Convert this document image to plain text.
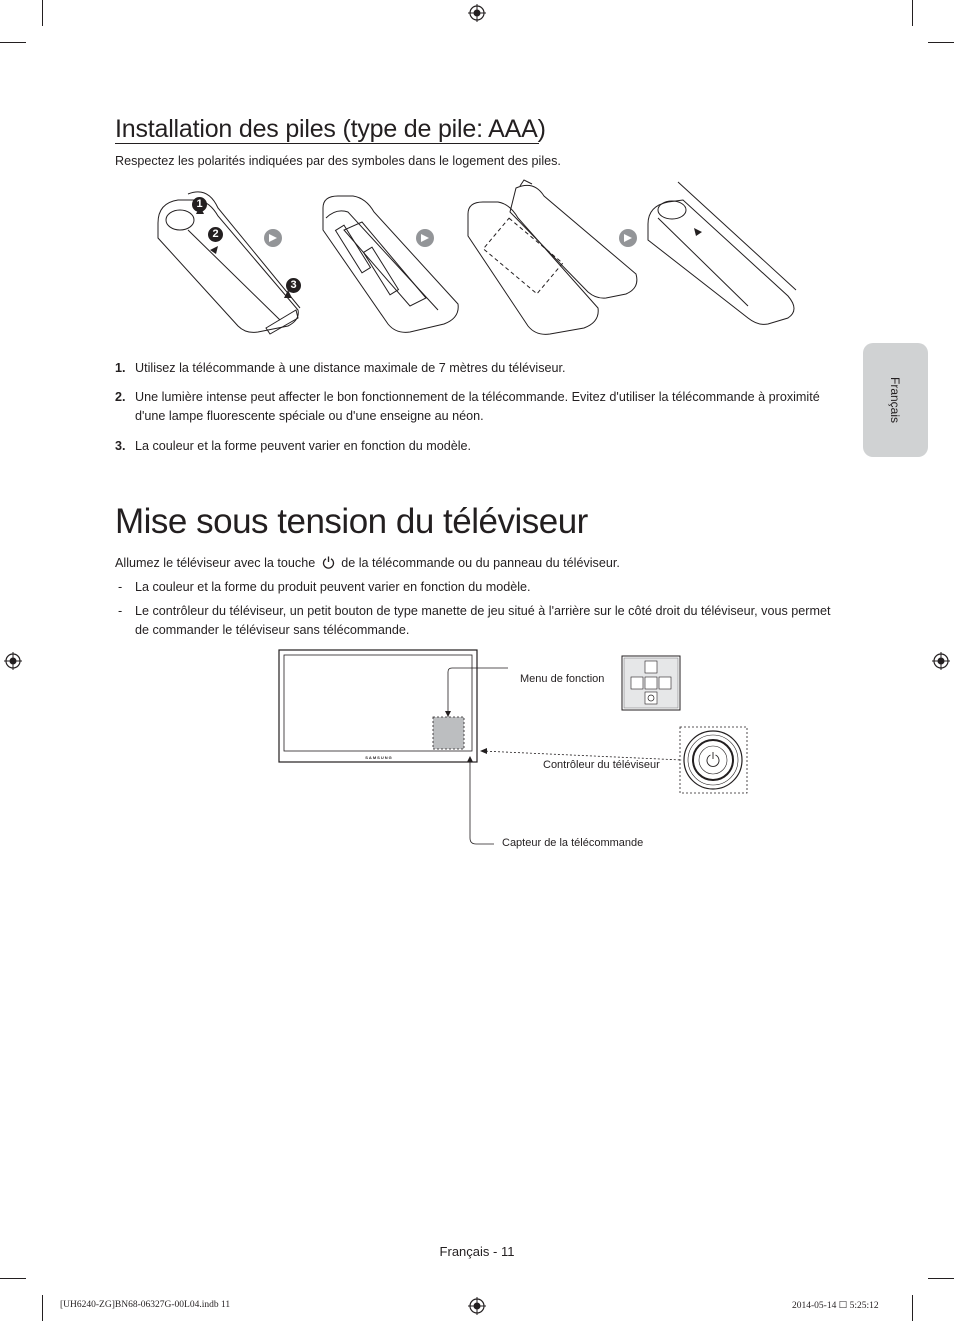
Français
Installation des piles (type de pile: AAA)
Respectez les polarités indiquées par des symboles dans le logement des piles.
1
2
3
1. Utilisez la télécommande à une distance maximale de 7 mètres du téléviseur.
2. Une lumière intense peut affecter le bon fonctionnement de la télécommande. Evitez d'utiliser la télécommande à proximité d'une lampe fluorescente spéciale ou d'une enseigne au néon.
3. La couleur et la forme peuvent varier en fonction du modèle.
Mise sous tension du téléviseur
Allumez le téléviseur avec la touche de la télécommande ou du panneau du téléviseur.
- La couleur et la forme du produit peuvent varier en fonction du modèle.
- Le contrôleur du téléviseur, un petit bouton de type manette de jeu situé à l'arrière sur le côté droit du téléviseur, vous permet de commander le téléviseur sans télécommande.
SAMSUNG
Menu de fonction
Contrôleur du téléviseur
Capteur de la télécommande
Français - 11
[UH6240-ZG]BN68-06327G-00L04.indb 11	2014-05-14 ☐ 5:25:12
